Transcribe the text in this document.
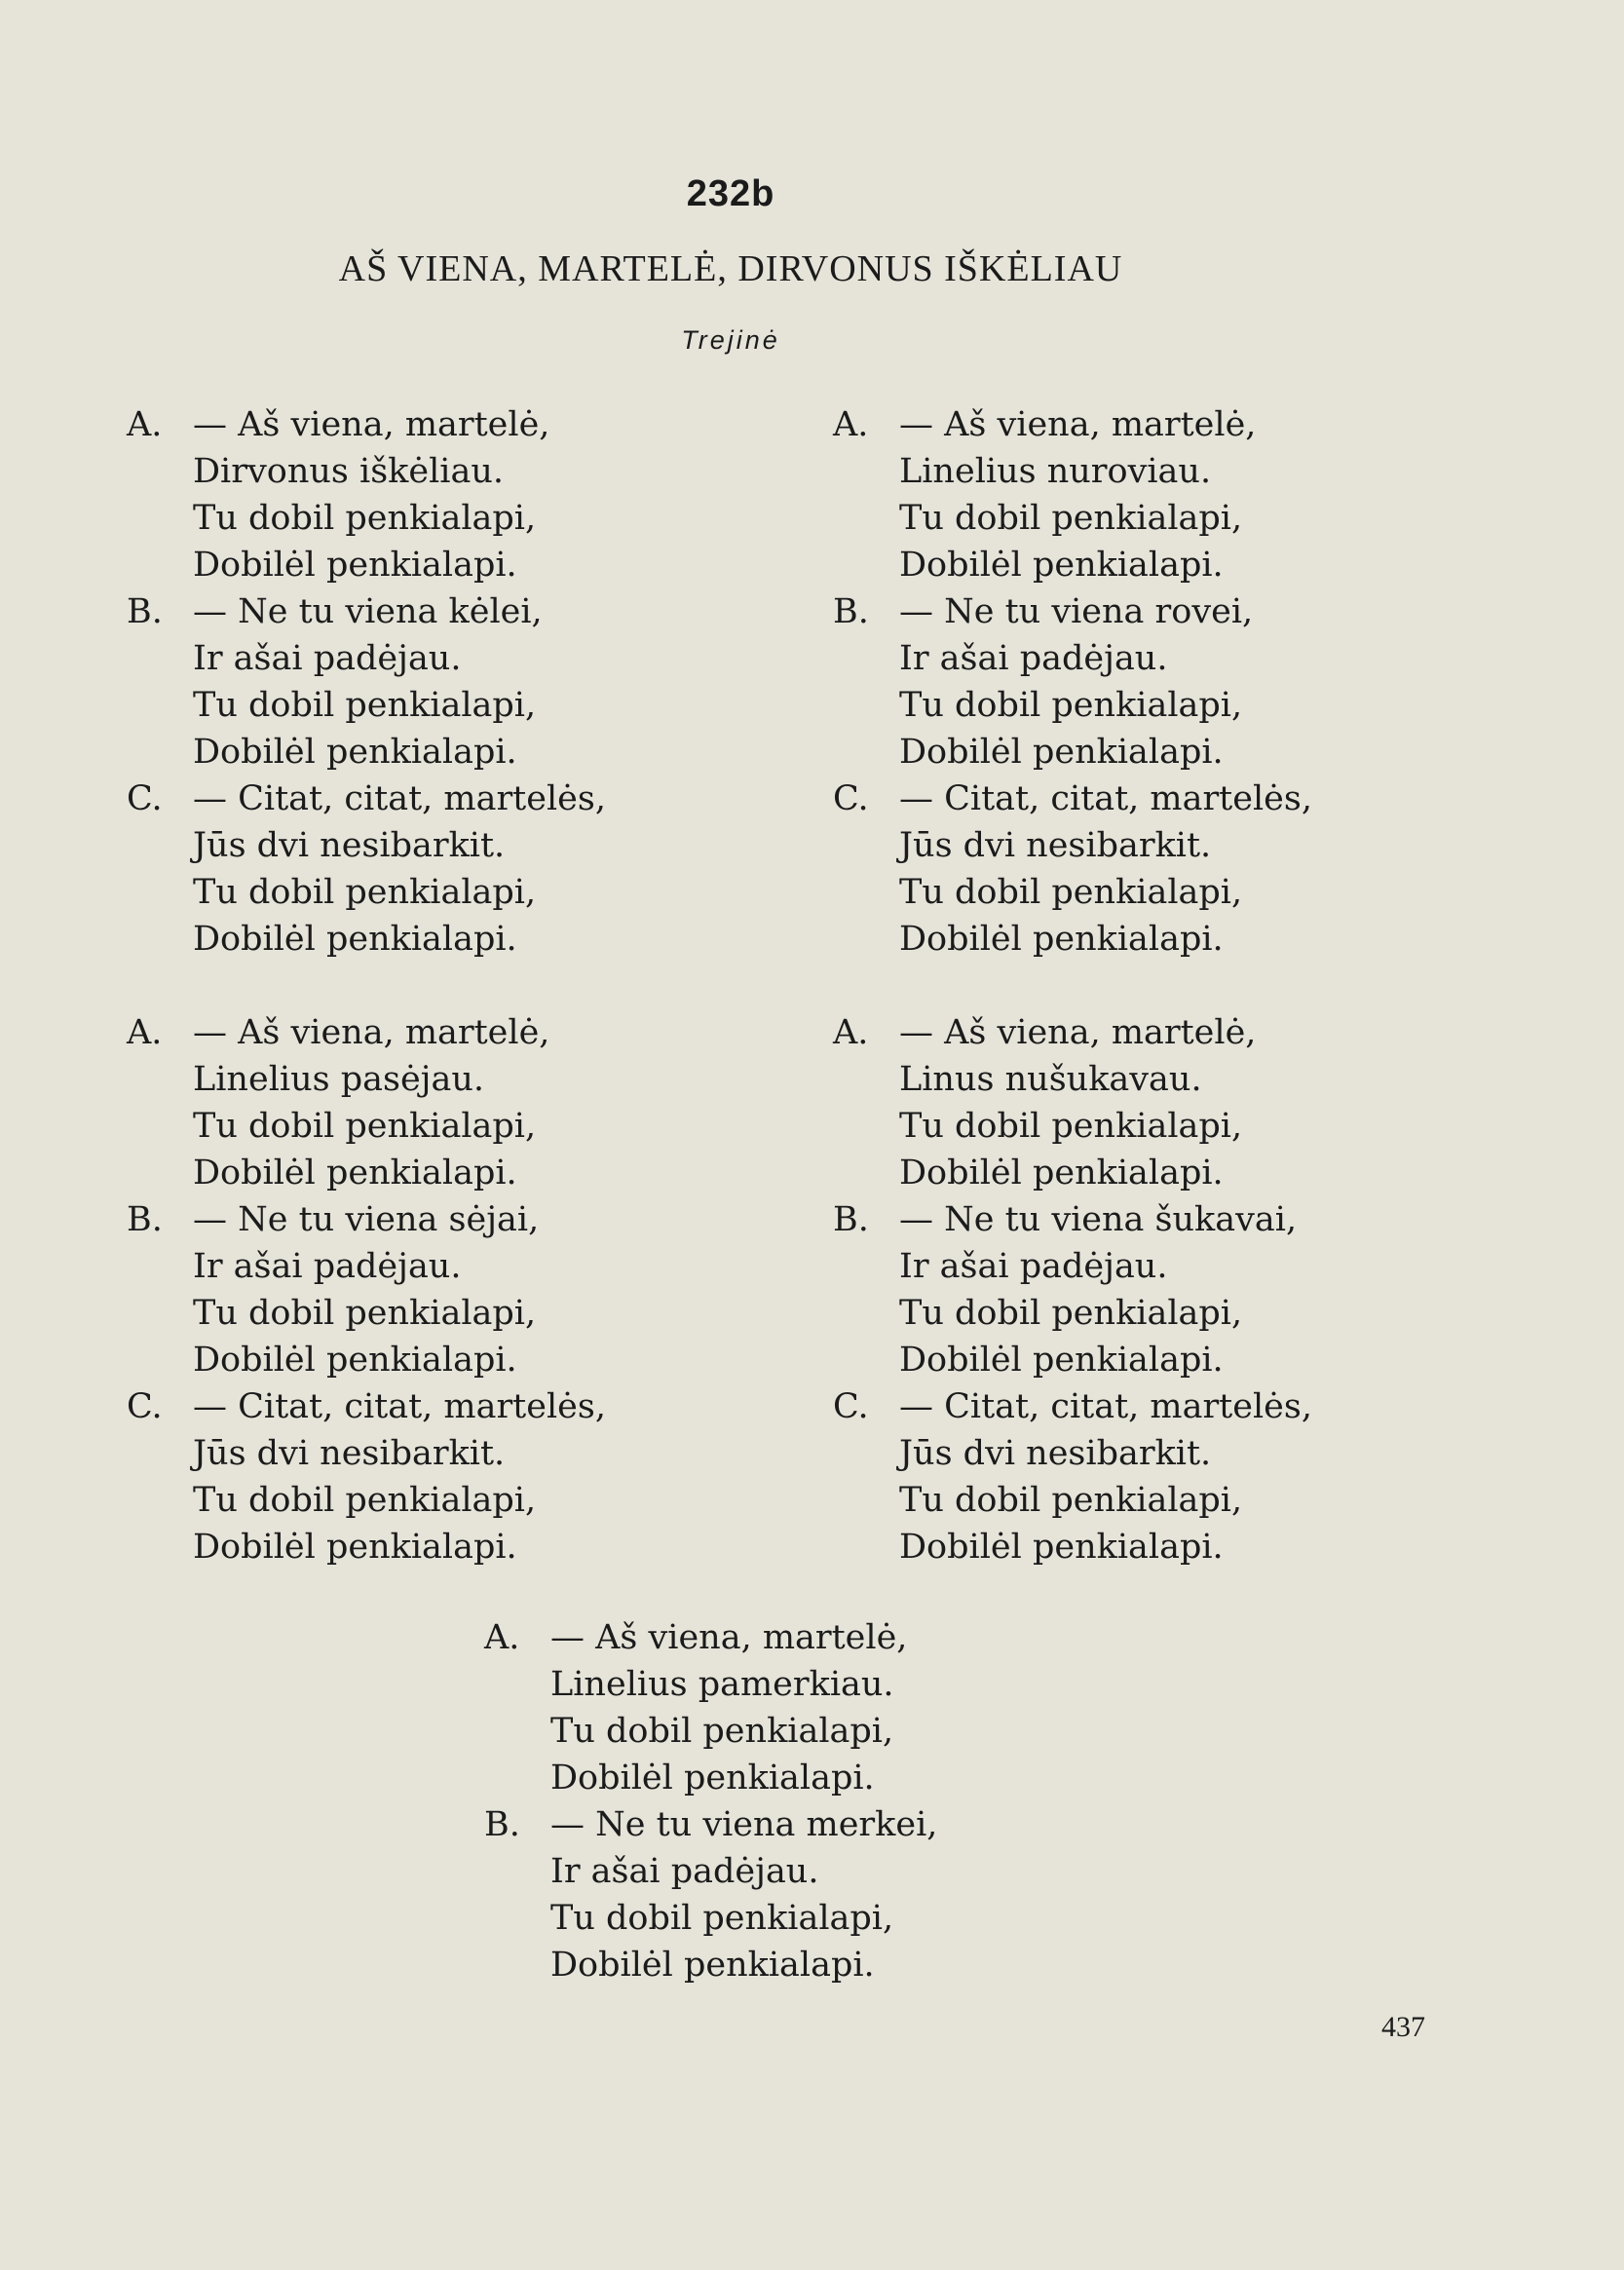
232b
AŠ VIENA, MARTELĖ, DIRVONUS IŠKĖLIAU
Trejinė
A. — Aš viena, martelė,
Dirvonus iškėliau.
Tu dobil penkialapi,
Dobilėl penkialapi.
B. — Ne tu viena kėlei,
Ir ašai padėjau.
Tu dobil penkialapi,
Dobilėl penkialapi.
C. — Citat, citat, martelės,
Jūs dvi nesibarkit.
Tu dobil penkialapi,
Dobilėl penkialapi.
A. — Aš viena, martelė,
Linelius nuroviau.
Tu dobil penkialapi,
Dobilėl penkialapi.
B. — Ne tu viena rovei,
Ir ašai padėjau.
Tu dobil penkialapi,
Dobilėl penkialapi.
C. — Citat, citat, martelės,
Jūs dvi nesibarkit.
Tu dobil penkialapi,
Dobilėl penkialapi.
A. — Aš viena, martelė,
Linelius pasėjau.
Tu dobil penkialapi,
Dobilėl penkialapi.
B. — Ne tu viena sėjai,
Ir ašai padėjau.
Tu dobil penkialapi,
Dobilėl penkialapi.
C. — Citat, citat, martelės,
Jūs dvi nesibarkit.
Tu dobil penkialapi,
Dobilėl penkialapi.
A. — Aš viena, martelė,
Linus nušukavau.
Tu dobil penkialapi,
Dobilėl penkialapi.
B. — Ne tu viena šukavai,
Ir ašai padėjau.
Tu dobil penkialapi,
Dobilėl penkialapi.
C. — Citat, citat, martelės,
Jūs dvi nesibarkit.
Tu dobil penkialapi,
Dobilėl penkialapi.
A. — Aš viena, martelė,
Linelius pamerkiau.
Tu dobil penkialapi,
Dobilėl penkialapi.
B. — Ne tu viena merkei,
Ir ašai padėjau.
Tu dobil penkialapi,
Dobilėl penkialapi.
437
